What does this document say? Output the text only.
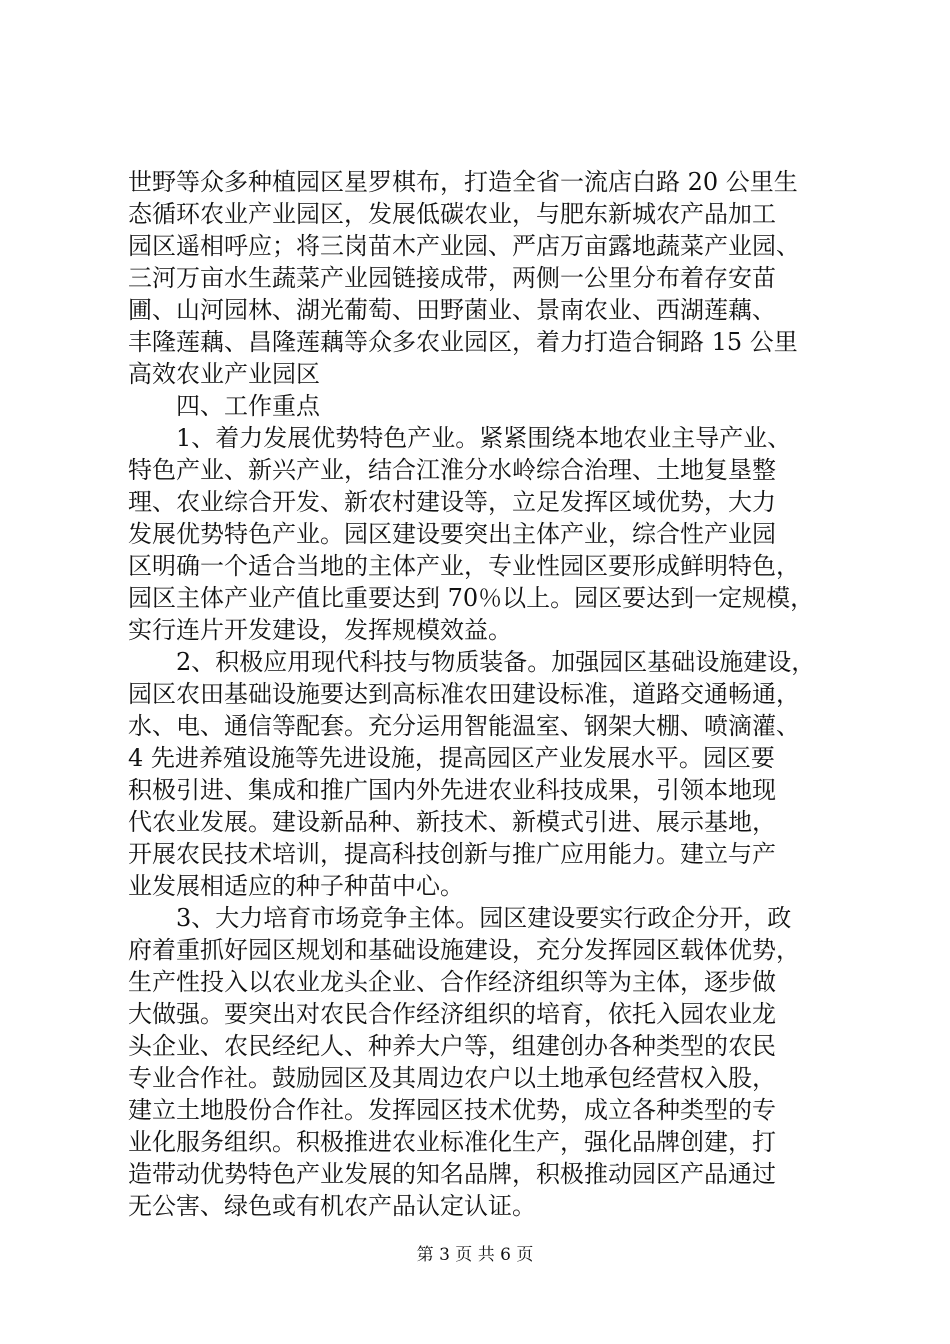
世野等众多种植园区星罗棋布，打造全省一流店白路 20 公里生
态循环农业产业园区，发展低碳农业，与肥东新城农产品加工
园区遥相呼应；将三岗苗木产业园、严店万亩露地蔬菜产业园、
三河万亩水生蔬菜产业园链接成带，两侧一公里分布着存安苗
圃、山河园林、湖光葡萄、田野菌业、景南农业、西湖莲藕、
丰隆莲藕、昌隆莲藕等众多农业园区，着力打造合铜路 15 公里
高效农业产业园区
四、工作重点
1、着力发展优势特色产业。紧紧围绕本地农业主导产业、
特色产业、新兴产业，结合江淮分水岭综合治理、土地复垦整
理、农业综合开发、新农村建设等，立足发挥区域优势，大力
发展优势特色产业。园区建设要突出主体产业，综合性产业园
区明确一个适合当地的主体产业，专业性园区要形成鲜明特色，
园区主体产业产值比重要达到 70％以上。园区要达到一定规模，
实行连片开发建设，发挥规模效益。
2、积极应用现代科技与物质装备。加强园区基础设施建设，
园区农田基础设施要达到高标准农田建设标准，道路交通畅通，
水、电、通信等配套。充分运用智能温室、钢架大棚、喷滴灌、
4 先进养殖设施等先进设施，提高园区产业发展水平。园区要
积极引进、集成和推广国内外先进农业科技成果，引领本地现
代农业发展。建设新品种、新技术、新模式引进、展示基地，
开展农民技术培训，提高科技创新与推广应用能力。建立与产
业发展相适应的种子种苗中心。
3、大力培育市场竞争主体。园区建设要实行政企分开，政
府着重抓好园区规划和基础设施建设，充分发挥园区载体优势，
生产性投入以农业龙头企业、合作经济组织等为主体，逐步做
大做强。要突出对农民合作经济组织的培育，依托入园农业龙
头企业、农民经纪人、种养大户等，组建创办各种类型的农民
专业合作社。鼓励园区及其周边农户以土地承包经营权入股，
建立土地股份合作社。发挥园区技术优势，成立各种类型的专
业化服务组织。积极推进农业标准化生产，强化品牌创建，打
造带动优势特色产业发展的知名品牌，积极推动园区产品通过
无公害、绿色或有机农产品认定认证。
第 3 页 共 6 页
